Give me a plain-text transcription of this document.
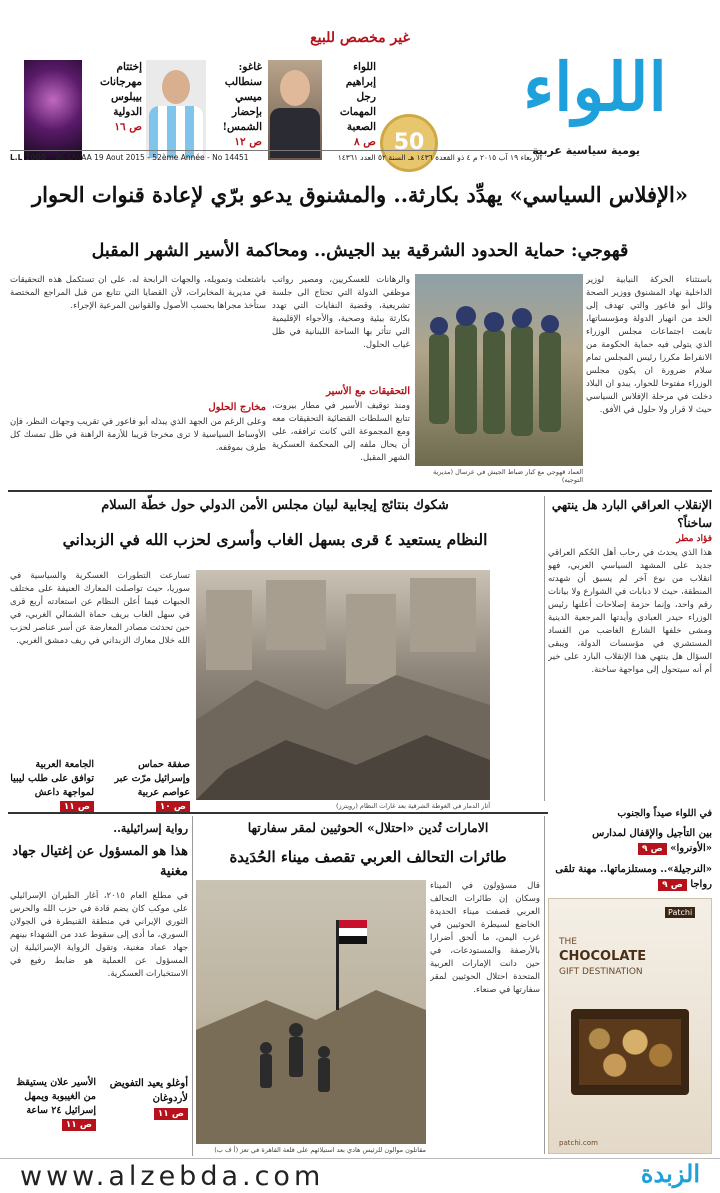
غير مخصص للبيع
اللواء
يومية سياسية عربية
50
اللواء
إبراهيم
رجل المهمات
الصعبة
ص ٨
غاغو:
سنطالب
ميسي بإحضار
الشمس!
ص ١٢
إختتام
مهرجانات
بيبلوس
الدولية
ص ١٦
1000 L.L AL-LIWAA 19 Aout 2015 - 52ème Année - No 14451	الأربعاء ١٩ آب ٢٠١٥ م ٤ ذو القعدة ١٤٣٦ هـ السنة ٥٢ العدد ١٤٣٦١
«الإفلاس السياسي» يهدِّد بكارثة.. والمشنوق يدعو برّي لإعادة قنوات الحوار
قهوجي: حماية الحدود الشرقية بيد الجيش.. ومحاكمة الأسير الشهر المقبل
باستثناء الحركة النيابية لوزير الداخلية نهاد المشنوق ووزير الصحة وائل أبو فاعور والتي تهدف إلى الحد من انهيار الدولة ومؤسساتها، تابعت اجتماعات مجلس الوزراء الذي يتولى فيه حماية الحكومة من الانفراط مكررا رئيس المجلس تمام سلام ضرورة ان يكون مجلس الوزراء مفتوحا للحوار، يبدو ان البلاد دخلت في مرحلة الإفلاس السياسي حيث لا قرار ولا حلول في الأفق.
العماد قهوجي مع كبار ضباط الجيش في عرسال (مديرية التوجيه)
والرهانات للعسكريين، ومصير رواتب موظفي الدولة التي تحتاج الى جلسة تشريعية، وقضية النفايات التي تهدد بكارثة بيئية وصحية، والأجواء الإقليمية التي تتأثر بها الساحة اللبنانية في ظل غياب الحلول.
التحقيقات مع الأسير
ومنذ توقيف الأسير في مطار بيروت، تتابع السلطات القضائية التحقيقات معه ومع المجموعة التي كانت ترافقه، على أن يحال ملفه إلى المحكمة العسكرية الشهر المقبل.
باشتعلت وتمويله، والجهات الرابحة له. على ان تستكمل هذه التحقيقات في مديرية المخابرات، لأن القضايا التي تتابع من قبل المراجع المختصة ستأخذ مجراها بحسب الأصول والقوانين المرعية الإجراء.
مخارج الحلول
وعلى الرغم من الجهد الذي يبذله أبو فاعور في تقريب وجهات النظر، فإن الأوساط السياسية لا ترى مخرجا قريبا للأزمة الراهنة في ظل تمسك كل طرف بموقفه.
الإنقلاب العراقي البارد هل ينتهي ساخناً؟
فؤاد مطر
هذا الذي يحدث في رحاب أهل الحُكم العراقي جديد على المشهد السياسي العربي، فهو انقلاب من نوع آخر لم يسبق أن شهدته المنطقة، حيث لا دبابات في الشوارع ولا بيانات رقم واحد، وإنما حزمة إصلاحات أعلنها رئيس الوزراء حيدر العبادي وأيدتها المرجعية الدينية ومشى خلفها الشارع الغاضب من الفساد المستشري في مؤسسات الدولة، ويبقى السؤال هل ينتهي هذا الإنقلاب البارد على خير أم أنه سيتحول إلى مواجهة ساخنة.
شكوك بنتائج إيجابية لبيان مجلس الأمن الدولي حول خطّة السلام
النظام يستعيد ٤ قرى بسهل الغاب وأسرى لحزب الله في الزبداني
آثار الدمار في الغوطة الشرقية بعد غارات النظام (رويترز)
تسارعت التطورات العسكرية والسياسية في سوريا، حيث تواصلت المعارك العنيفة على مختلف الجبهات فيما أعلن النظام عن استعادته أربع قرى في سهل الغاب بريف حماة الشمالي الغربي، في حين تحدثت مصادر المعارضة عن أسر عناصر لحزب الله خلال معارك الزبداني في ريف دمشق الغربي.
الجامعة العربية توافق على طلب ليبيا لمواجهة داعش
ص ١١
صفقة حماس وإسرائيل مرّت عبر عواصم عربية
ص ١٠
في اللواء صيداً والجنوب
بين التأجيل والإقفال لمدارس «الأونروا» ص ٩
«النرجيلة».. ومستلزماتها.. مهنة تلقى رواجا ص ٩
THE
CHOCOLATE
GIFT DESTINATION
Patchi
patchi.com
الامارات تُدين «احتلال» الحوثيين لمقر سفارتها
طائرات التحالف العربي تقصف ميناء الحُدَيدة
قال مسؤولون في الميناء وسكان إن طائرات التحالف العربي قصفت ميناء الحديدة الخاضع لسيطرة الحوثيين في غرب اليمن، ما ألحق أضرارا بالأرصفة والمستودعات، في حين دانت الإمارات العربية المتحدة احتلال الحوثيين لمقر سفارتها في صنعاء.
مقاتلون موالون للرئيس هادي بعد استيلائهم على قلعة القاهرة في تعز (أ ف ب)
رواية إسرائيلية..
هذا هو المسؤول عن إغتيال جهاد مغنية
في مطلع العام ٢٠١٥، أغار الطيران الإسرائيلي على موكب كان يضم قادة في حزب الله والحرس الثوري الإيراني في منطقة القنيطرة في الجولان السوري، ما أدى إلى سقوط عدد من الشهداء بينهم جهاد عماد مغنية، وتقول الرواية الإسرائيلية إن المسؤول عن العملية هو ضابط رفيع في الاستخبارات العسكرية.
الأسير علان يستيقظ من الغيبوبة ويمهل إسرائيل ٢٤ ساعة
ص ١١
أوغلو يعيد التفويض لأردوغان
ص ١١
www.alzebda.com	الزبدة
